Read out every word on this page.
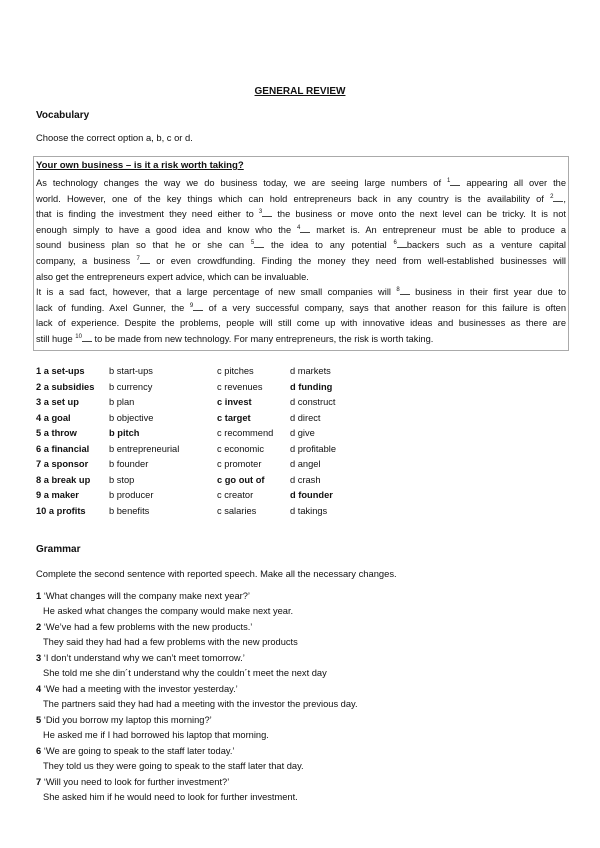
GENERAL REVIEW
Vocabulary
Choose the correct option a, b, c or d.
Your own business – is it a risk worth taking?
As technology changes the way we do business today, we are seeing large numbers of $^1$ appearing all over the
world. However, one of the key things which can hold entrepreneurs back in any country is the availability of $^2$ ,
that is finding the investment they need either to $^3$ the business or move onto the next level can be tricky. It is not
enough simply to have a good idea and know who the $^4$ market is. An entrepreneur must be able to produce a
sound business plan so that he or she can $^5$ the idea to any potential $^6$ backers such as a venture capital
company, a business $^7$ or even crowdfunding. Finding the money they need from well-established businesses will
also get the entrepreneurs expert advice, which can be invaluable.
It is a sad fact, however, that a large percentage of new small companies will $^8$ business in their first year due to
lack of funding. Axel Gunner, the $^9$ of a very successful company, says that another reason for this failure is often
lack of experience. Despite the problems, people will still come up with innovative ideas and businesses as there are
still huge $^{10}$ to be made from new technology. For many entrepreneurs, the risk is worth taking.
1 a set-ups	b start-ups	c pitches	d markets
2 a subsidies b currency	c revenues	d funding
3 a set up	b plan	c invest	d construct
4 a goal	b objective	c target	d direct
5 a throw	b pitch	c recommend d give
6 a financial b entrepreneurial	c economic	d profitable
7 a sponsor b founder	c promoter	d angel
8 a break up b stop	c go out of	d crash
9 a maker	b producer	c creator	d founder
10 a profits	b benefits	c salaries	d takings
Grammar
Complete the second sentence with reported speech. Make all the necessary changes.
1 ‘What changes will the company make next year?’
He asked what changes the company would make next year.
2 ‘We’ve had a few problems with the new products.’
They said they had had a few problems with the new products
3 ‘I don’t understand why we can’t meet tomorrow.’
She told me she din´t understand why the couldn´t meet the next day
4 ‘We had a meeting with the investor yesterday.’
The partners said they had had a meeting with the investor the previous day.
5 ‘Did you borrow my laptop this morning?’
He asked me if I had borrowed his laptop that morning.
6 ‘We are going to speak to the staff later today.’
They told us they were going to speak to the staff later that day.
7 ‘Will you need to look for further investment?’
She asked him if he would need to look for further investment.
